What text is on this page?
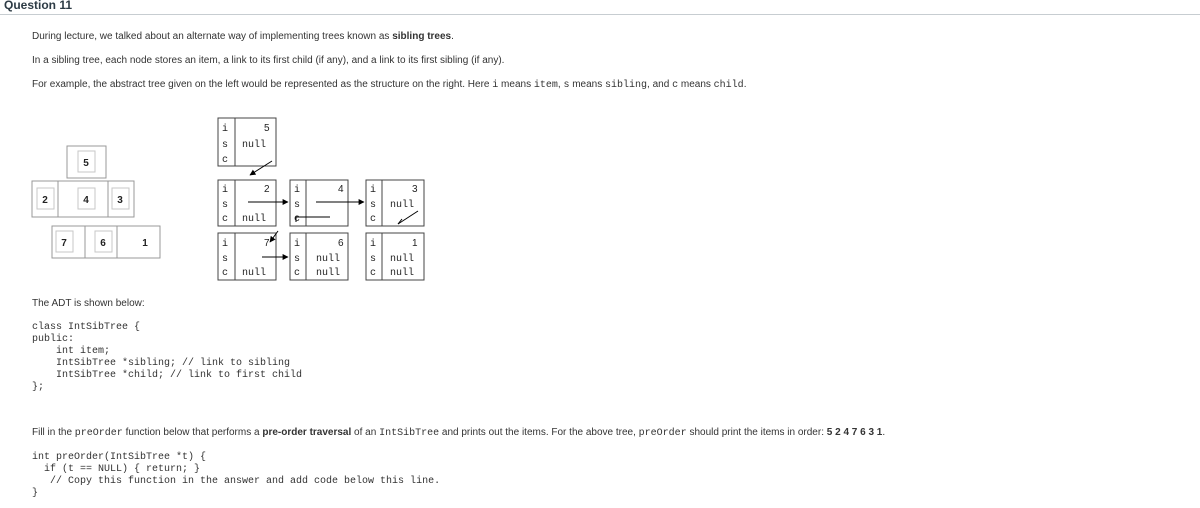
Question 11
During lecture, we talked about an alternate way of implementing trees known as sibling trees.
In a sibling tree, each node stores an item, a link to its first child (if any), and a link to its first sibling (if any).
For example, the abstract tree given on the left would be represented as the structure on the right. Here i means item, s means sibling, and c means child.
5
2	4	3
7	6	1
i
s
c
5
null
i
s
c
2
null
i
s
c
4	i
s
c
3
null
i
s
c
7
null
i
s
c
6
null
null
i
s
c
1
null
null
The ADT is shown below:
class IntSibTree {
public:
int item;
IntSibTree *sibling; // link to sibling
IntSibTree *child; // link to first child
};
Fill in the preOrder function below that performs a pre-order traversal of an IntSibTree and prints out the items. For the above tree, preOrder should print the items in order: 5 2 4 7 6 3 1.
int preOrder(IntSibTree *t) {
if (t == NULL) { return; }
// Copy this function in the answer and add code below this line.
}
